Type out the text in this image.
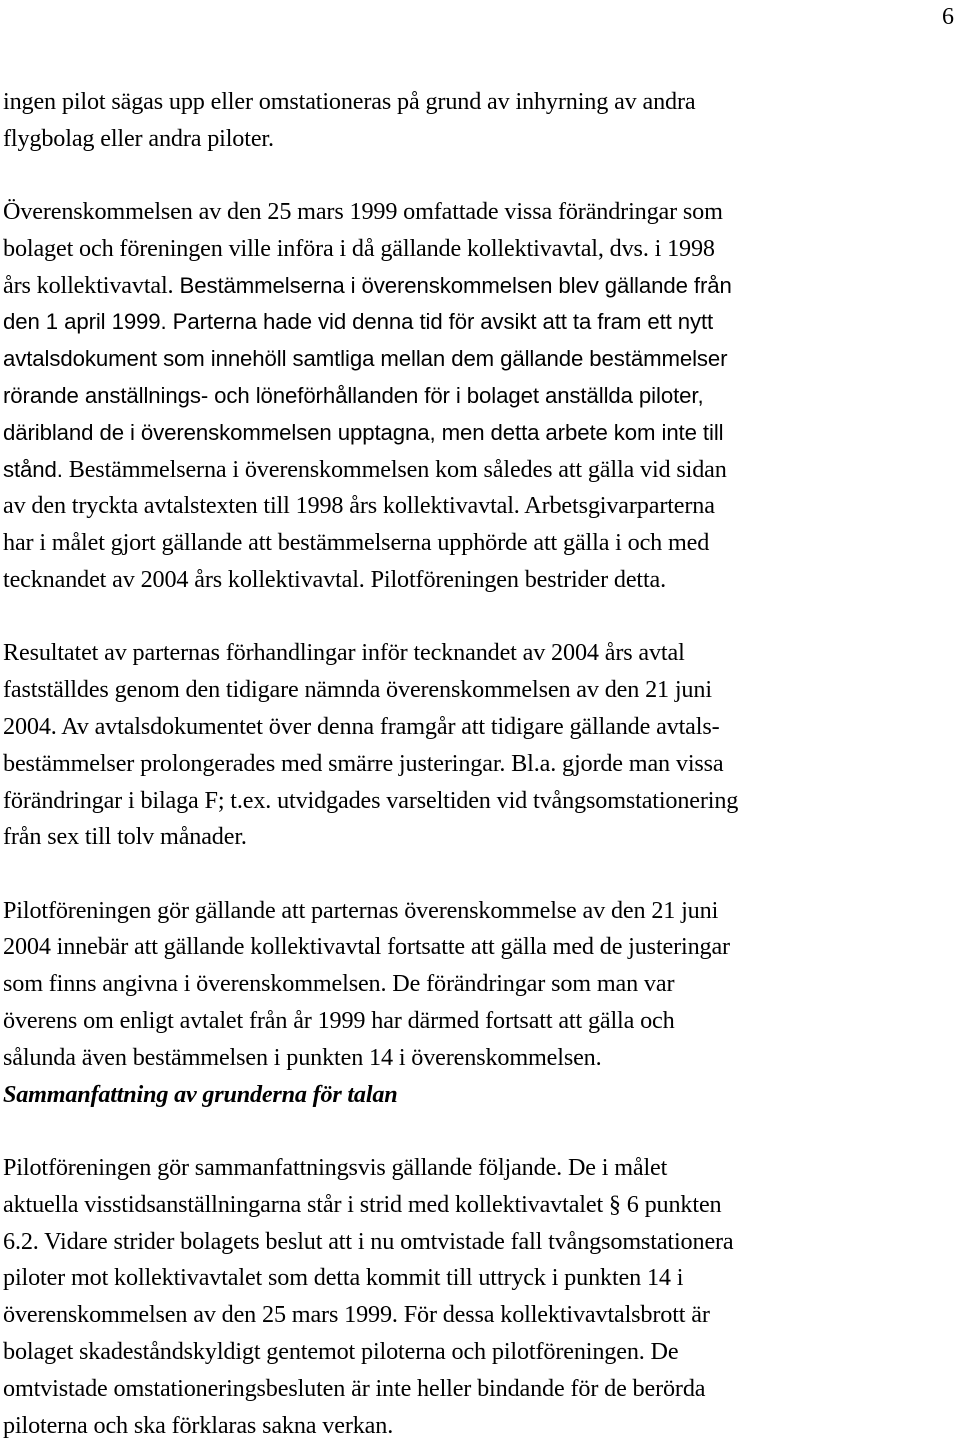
6

ingen pilot sägas upp eller omstationeras på grund av inhyrning av andra
flygbolag eller andra piloter.

Överenskommelsen av den 25 mars 1999 omfattade vissa förändringar som
bolaget och föreningen ville införa i då gällande kollektivavtal, dvs. i 1998
års kollektivavtal. Bestämmelserna i överenskommelsen blev gällande från
den 1 april 1999. Parterna hade vid denna tid för avsikt att ta fram ett nytt
avtalsdokument som innehöll samtliga mellan dem gällande bestämmelser
rörande anställnings- och löneförhållanden för i bolaget anställda piloter,
däribland de i överenskommelsen upptagna, men detta arbete kom inte till
stånd. Bestämmelserna i överenskommelsen kom således att gälla vid sidan
av den tryckta avtalstexten till 1998 års kollektivavtal. Arbetsgivarparterna
har i målet gjort gällande att bestämmelserna upphörde att gälla i och med
tecknandet av 2004 års kollektivavtal. Pilotföreningen bestrider detta.

Resultatet av parternas förhandlingar inför tecknandet av 2004 års avtal
fastställdes genom den tidigare nämnda överenskommelsen av den 21 juni
2004. Av avtalsdokumentet över denna framgår att tidigare gällande avtals-
bestämmelser prolongerades med smärre justeringar. Bl.a. gjorde man vissa
förändringar i bilaga F; t.ex. utvidgades varseltiden vid tvångsomstationering
från sex till tolv månader.

Pilotföreningen gör gällande att parternas överenskommelse av den 21 juni
2004 innebär att gällande kollektivavtal fortsatte att gälla med de justeringar
som finns angivna i överenskommelsen. De förändringar som man var
överens om enligt avtalet från år 1999 har därmed fortsatt att gälla och
sålunda även bestämmelsen i punkten 14 i överenskommelsen.

Sammanfattning av grunderna för talan

Pilotföreningen gör sammanfattningsvis gällande följande. De i målet
aktuella visstidsanställningarna står i strid med kollektivavtalet § 6 punkten
6.2. Vidare strider bolagets beslut att i nu omtvistade fall tvångsomstationera
piloter mot kollektivavtalet som detta kommit till uttryck i punkten 14 i
överenskommelsen av den 25 mars 1999. För dessa kollektivavtalsbrott är
bolaget skadeståndskyldigt gentemot piloterna och pilotföreningen. De
omtvistade omstationeringsbesluten är inte heller bindande för de berörda
piloterna och ska förklaras sakna verkan.
